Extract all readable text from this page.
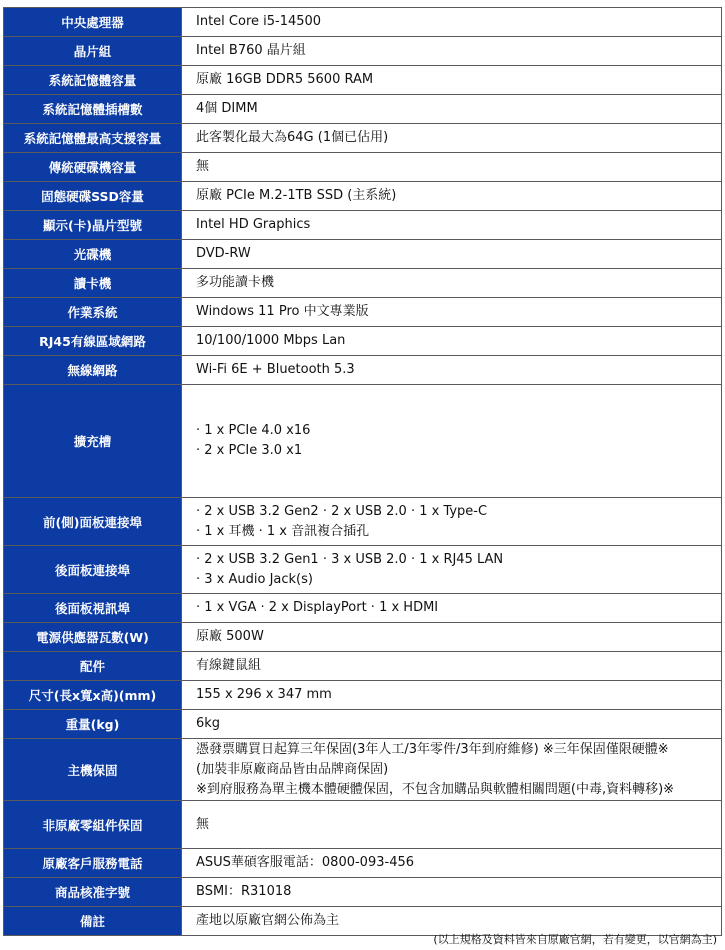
中央處理器	Intel Core i5-14500

晶片組	Intel B760 晶片組

系統記憶體容量	原廠 16GB DDR5 5600 RAM

系統記憶體插槽數	4個 DIMM

系統記憶體最高支援容量	此客製化最大為64G (1個已佔用)

傳統硬碟機容量	無

固態硬碟SSD容量	原廠 PCIe M.2-1TB SSD (主系統)

顯示(卡)晶片型號	Intel HD Graphics

光碟機	DVD-RW

讀卡機	多功能讀卡機

作業系統	Windows 11 Pro 中文專業版

RJ45有線區域網路	10/100/1000 Mbps Lan

無線網路	Wi-Fi 6E + Bluetooth 5.3

擴充槽	· 1 x PCIe 4.0 x16
· 2 x PCIe 3.0 x1

前(側)面板連接埠	· 2 x USB 3.2 Gen2 · 2 x USB 2.0 · 1 x Type-C
· 1 x 耳機 · 1 x 音訊複合插孔

後面板連接埠	· 2 x USB 3.2 Gen1 · 3 x USB 2.0 · 1 x RJ45 LAN
· 3 x Audio Jack(s)

後面板視訊埠	· 1 x VGA · 2 x DisplayPort · 1 x HDMI

電源供應器瓦數(W)	原廠 500W

配件	有線鍵鼠組

尺寸(長x寬x高)(mm)	155 x 296 x 347 mm

重量(kg)	6kg

主機保固	憑發票購買日起算三年保固(3年人工/3年零件/3年到府維修) ※三年保固僅限硬體※
(加裝非原廠商品皆由品牌商保固)
※到府服務為單主機本體硬體保固，不包含加購品與軟體相關問題(中毒,資料轉移)※

非原廠零組件保固	無

原廠客戶服務電話	ASUS華碩客服電話：0800-093-456

商品核准字號	BSMI：R31018

備註	產地以原廠官網公佈為主
(以上規格及資料皆來自原廠官網，若有變更，以官網為主)
